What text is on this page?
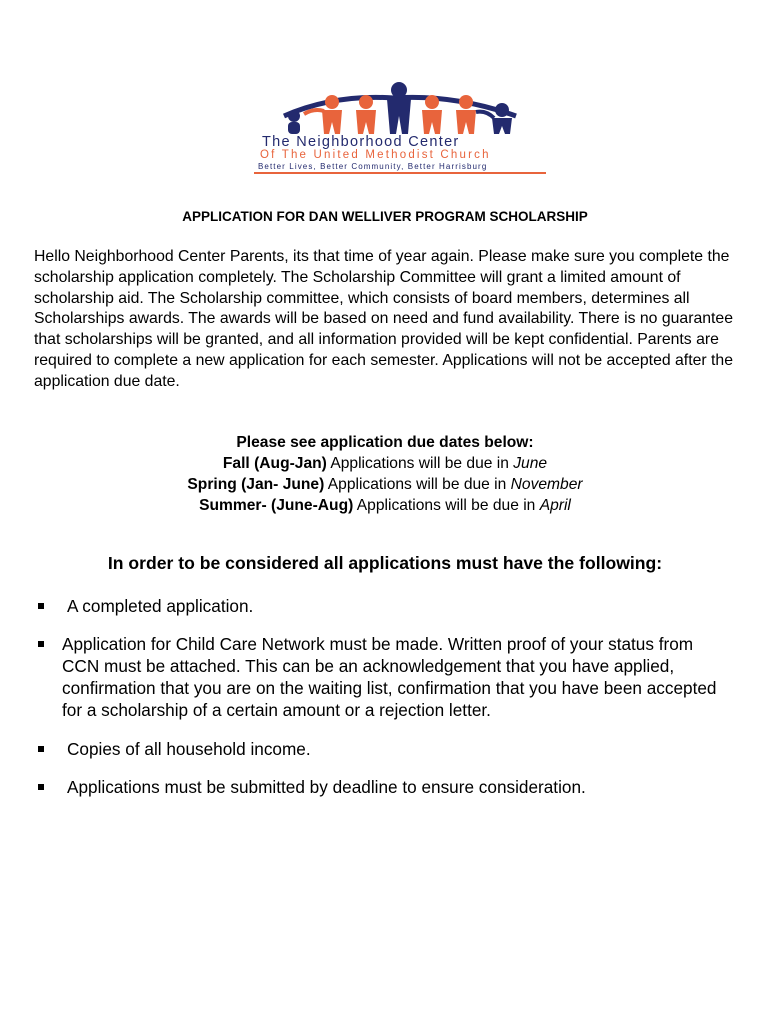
The Neighborhood Center
Of The United Methodist Church
Better Lives, Better Community, Better Harrisburg
APPLICATION FOR DAN WELLIVER PROGRAM SCHOLARSHIP

Hello Neighborhood Center Parents, its that time of year again. Please make sure you complete the scholarship application completely. The Scholarship Committee will grant a limited amount of scholarship aid. The Scholarship committee, which consists of board members, determines all Scholarships awards. The awards will be based on need and fund availability. There is no guarantee that scholarships will be granted, and all information provided will be kept confidential. Parents are required to complete a new application for each semester. Applications will not be accepted after the application due date.

Please see application due dates below:
Fall (Aug-Jan) Applications will be due in June
Spring (Jan- June) Applications will be due in November
Summer- (June-Aug) Applications will be due in April
In order to be considered all applications must have the following:
A completed application.
Application for Child Care Network must be made. Written proof of your status from CCN must be attached. This can be an acknowledgement that you have applied, confirmation that you are on the waiting list, confirmation that you have been accepted for a scholarship of a certain amount or a rejection letter.
Copies of all household income.
Applications must be submitted by deadline to ensure consideration.
